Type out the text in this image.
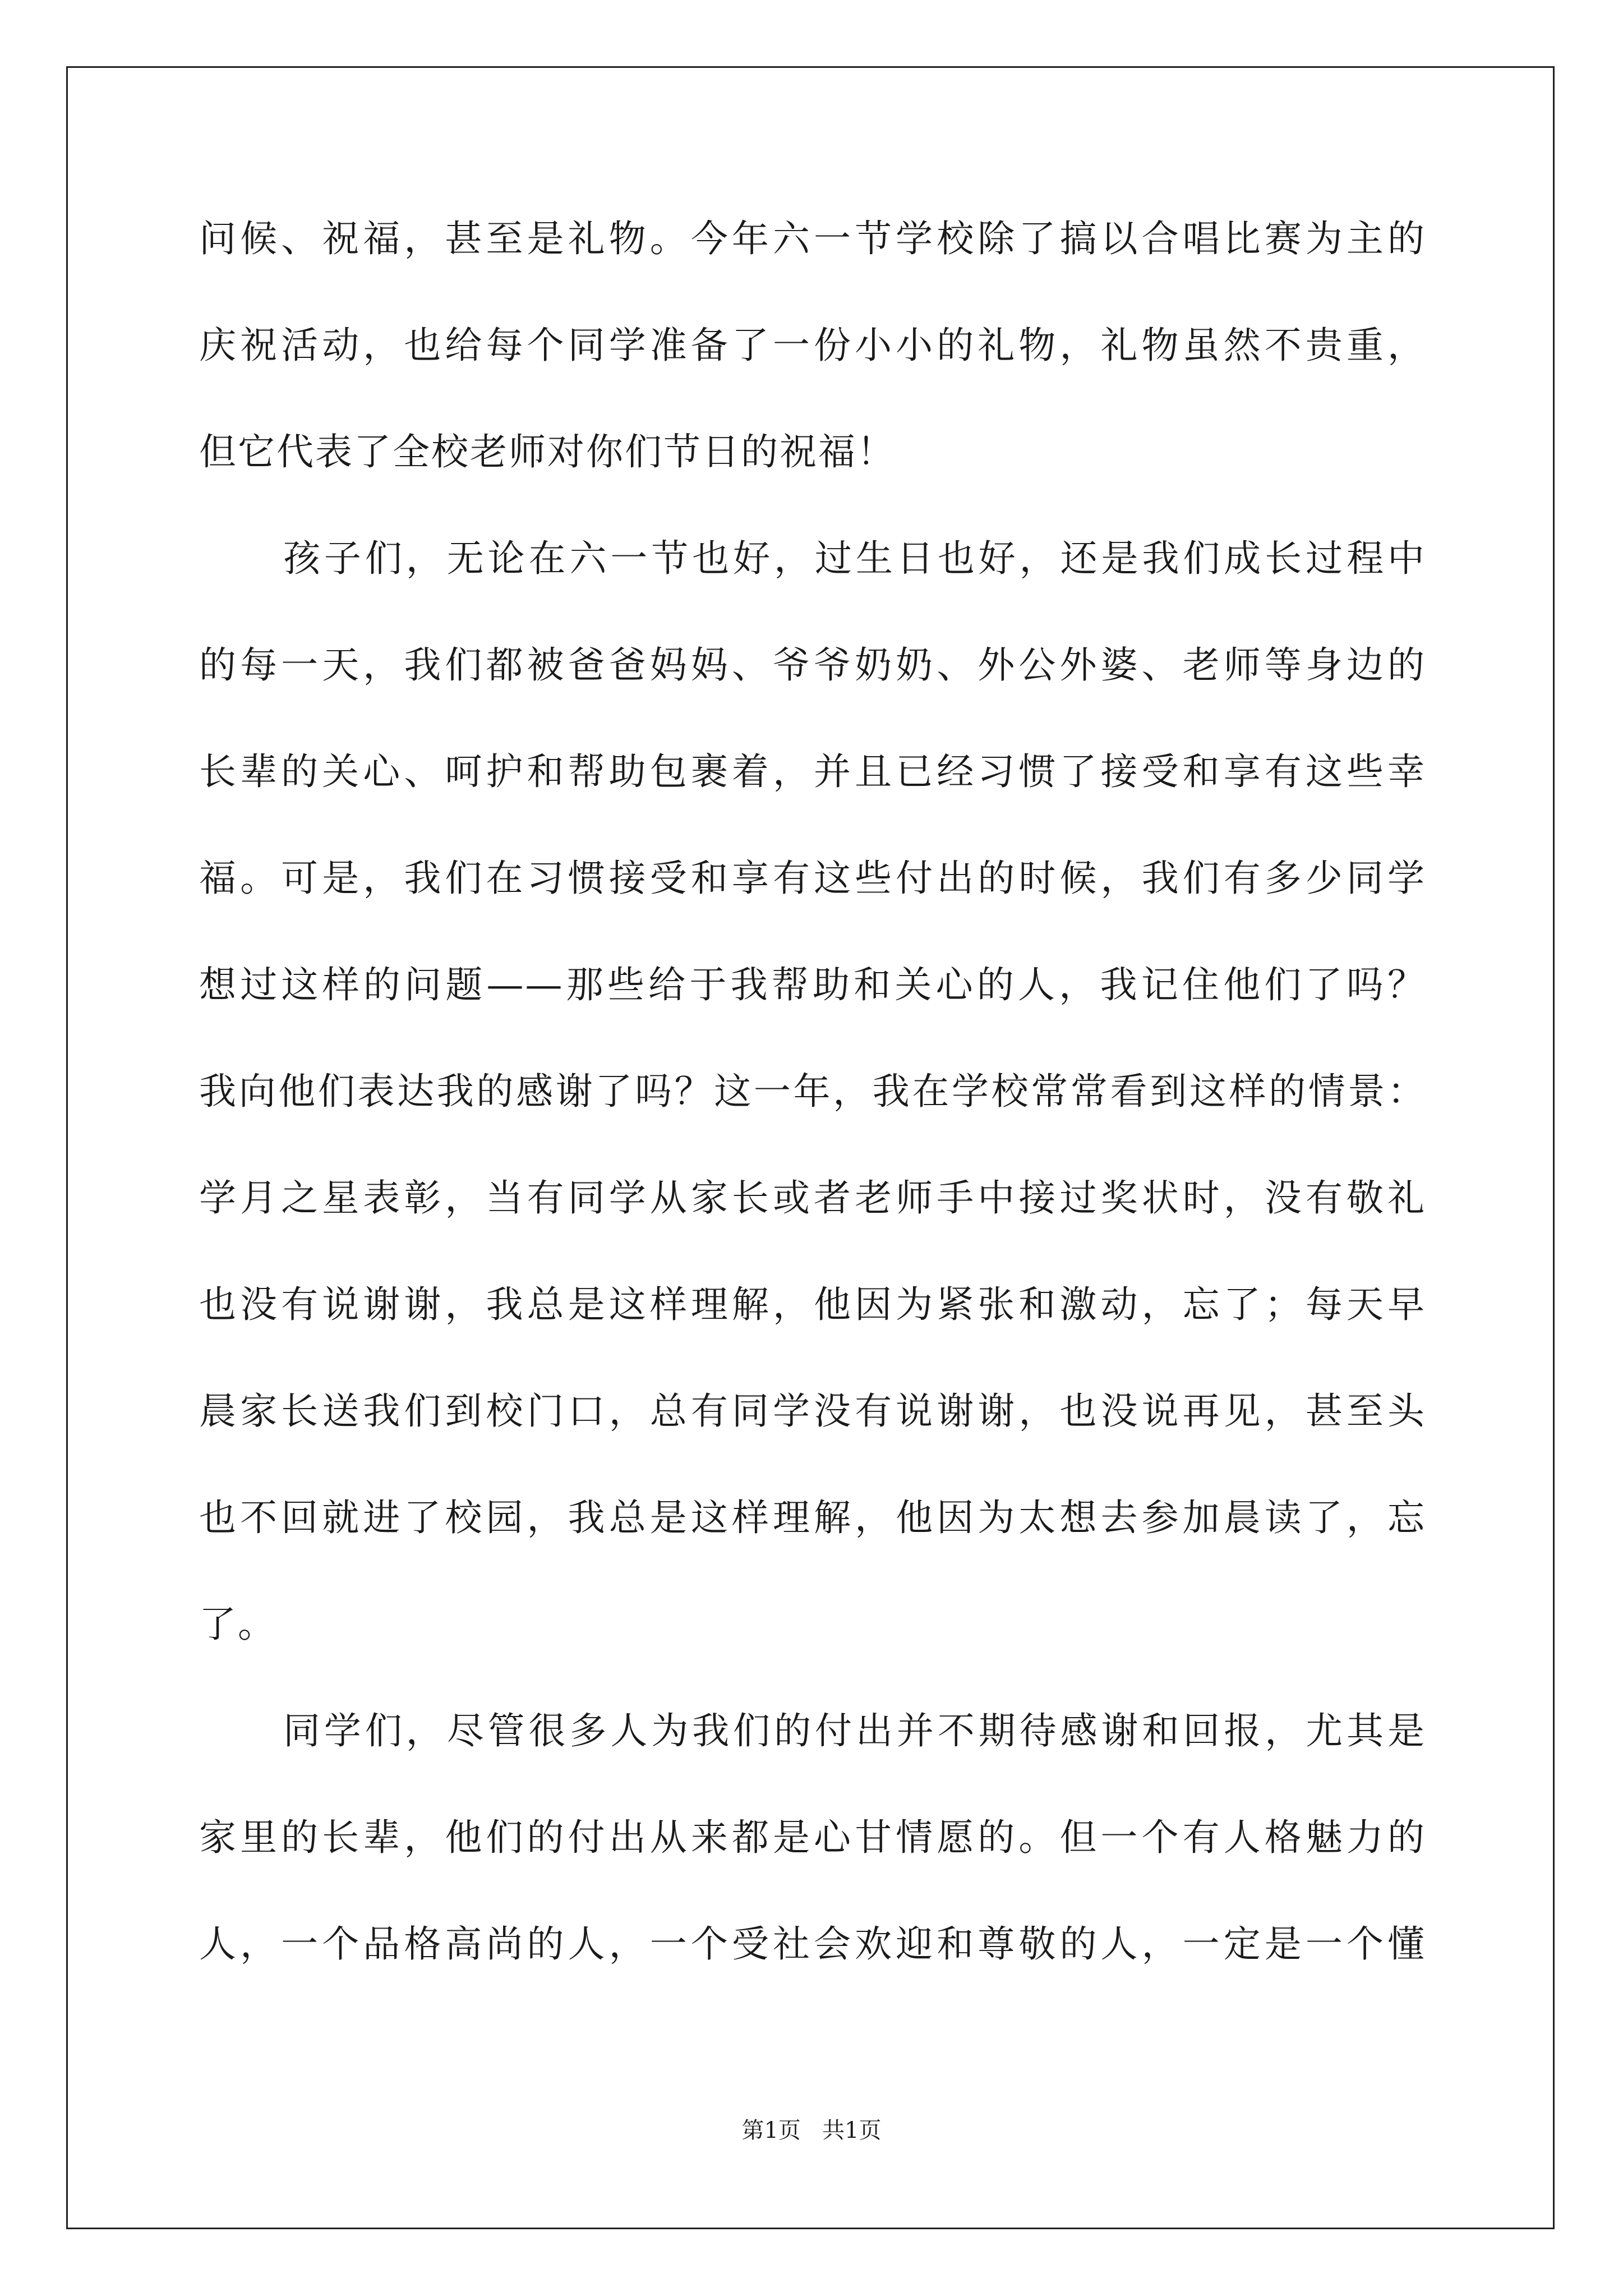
问候、祝福，甚至是礼物。今年六一节学校除了搞以合唱比赛为主的
庆祝活动，也给每个同学准备了一份小小的礼物，礼物虽然不贵重，
但它代表了全校老师对你们节日的祝福！
孩子们，无论在六一节也好，过生日也好，还是我们成长过程中
的每一天，我们都被爸爸妈妈、爷爷奶奶、外公外婆、老师等身边的
长辈的关心、呵护和帮助包裹着，并且已经习惯了接受和享有这些幸
福。可是，我们在习惯接受和享有这些付出的时候，我们有多少同学
想过这样的问题——那些给于我帮助和关心的人，我记住他们了吗？
我向他们表达我的感谢了吗？这一年，我在学校常常看到这样的情景：
学月之星表彰，当有同学从家长或者老师手中接过奖状时，没有敬礼
也没有说谢谢，我总是这样理解，他因为紧张和激动，忘了；每天早
晨家长送我们到校门口，总有同学没有说谢谢，也没说再见，甚至头
也不回就进了校园，我总是这样理解，他因为太想去参加晨读了，忘
了。
同学们，尽管很多人为我们的付出并不期待感谢和回报，尤其是
家里的长辈，他们的付出从来都是心甘情愿的。但一个有人格魅力的
人，一个品格高尚的人，一个受社会欢迎和尊敬的人，一定是一个懂
第1页   共1页
